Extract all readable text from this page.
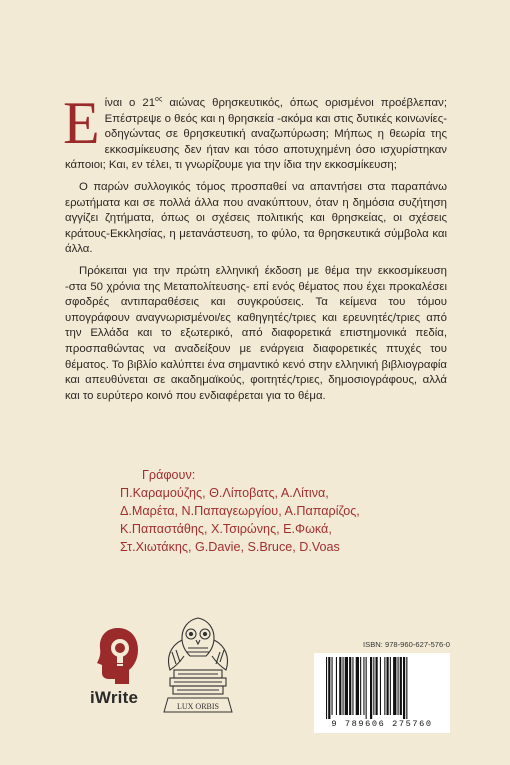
Είναι ο $21^{o\varsigma}$ αιώνας θρησκευτικός, όπως ορισμένοι προέβλεπαν; Επέστρεψε ο θεός και η θρησκεία -ακόμα και στις δυτικές κοινωνίες- οδηγώντας σε θρησκευτική αναζωπύρωση; Μήπως η θεωρία της εκκοσμίκευσης δεν ήταν και τόσο αποτυχημένη όσο ισχυρίστηκαν κάποιοι; Και, εν τέλει, τι γνωρίζουμε για την ίδια την εκκοσμίκευση;

Ο παρών συλλογικός τόμος προσπαθεί να απαντήσει στα παραπάνω ερωτήματα και σε πολλά άλλα που ανακύπτουν, όταν η δημόσια συζήτηση αγγίζει ζητήματα, όπως οι σχέσεις πολιτικής και θρησκείας, οι σχέσεις κράτους-Εκκλησίας, η μετανάστευση, το φύλο, τα θρησκευτικά σύμβολα και άλλα.

Πρόκειται για την πρώτη ελληνική έκδοση με θέμα την εκκοσμίκευση -στα 50 χρόνια της Μεταπολίτευσης- επί ενός θέματος που έχει προκαλέσει σφοδρές αντιπαραθέσεις και συγκρούσεις. Τα κείμενα του τόμου υπογράφουν αναγνωρισμένοι/ες καθηγητές/τριες και ερευνητές/τριες από την Ελλάδα και το εξωτερικό, από διαφορετικά επιστημονικά πεδία, προσπαθώντας να αναδείξουν με ενάργεια διαφορετικές πτυχές του θέματος. Το βιβλίο καλύπτει ένα σημαντικό κενό στην ελληνική βιβλιογραφία και απευθύνεται σε ακαδημαϊκούς, φοιτητές/τριες, δημοσιογράφους, αλλά και το ευρύτερο κοινό που ενδιαφέρεται για το θέμα.

Γράφουν:
Π.Καραμούζης, Θ.Λίποβατς, Α.Λίτινα,
Δ.Μαρέτα, Ν.Παπαγεωργίου, Α.Παπαρίζος,
Κ.Παπαστάθης, Χ.Τσιρώνης, Ε.Φωκά,
Στ.Χιωτάκης, G.Davie, S.Bruce, D.Voas
iWrite	LUX ORBIS
ISBN: 978-960-627-576-0
9 789606 275760
